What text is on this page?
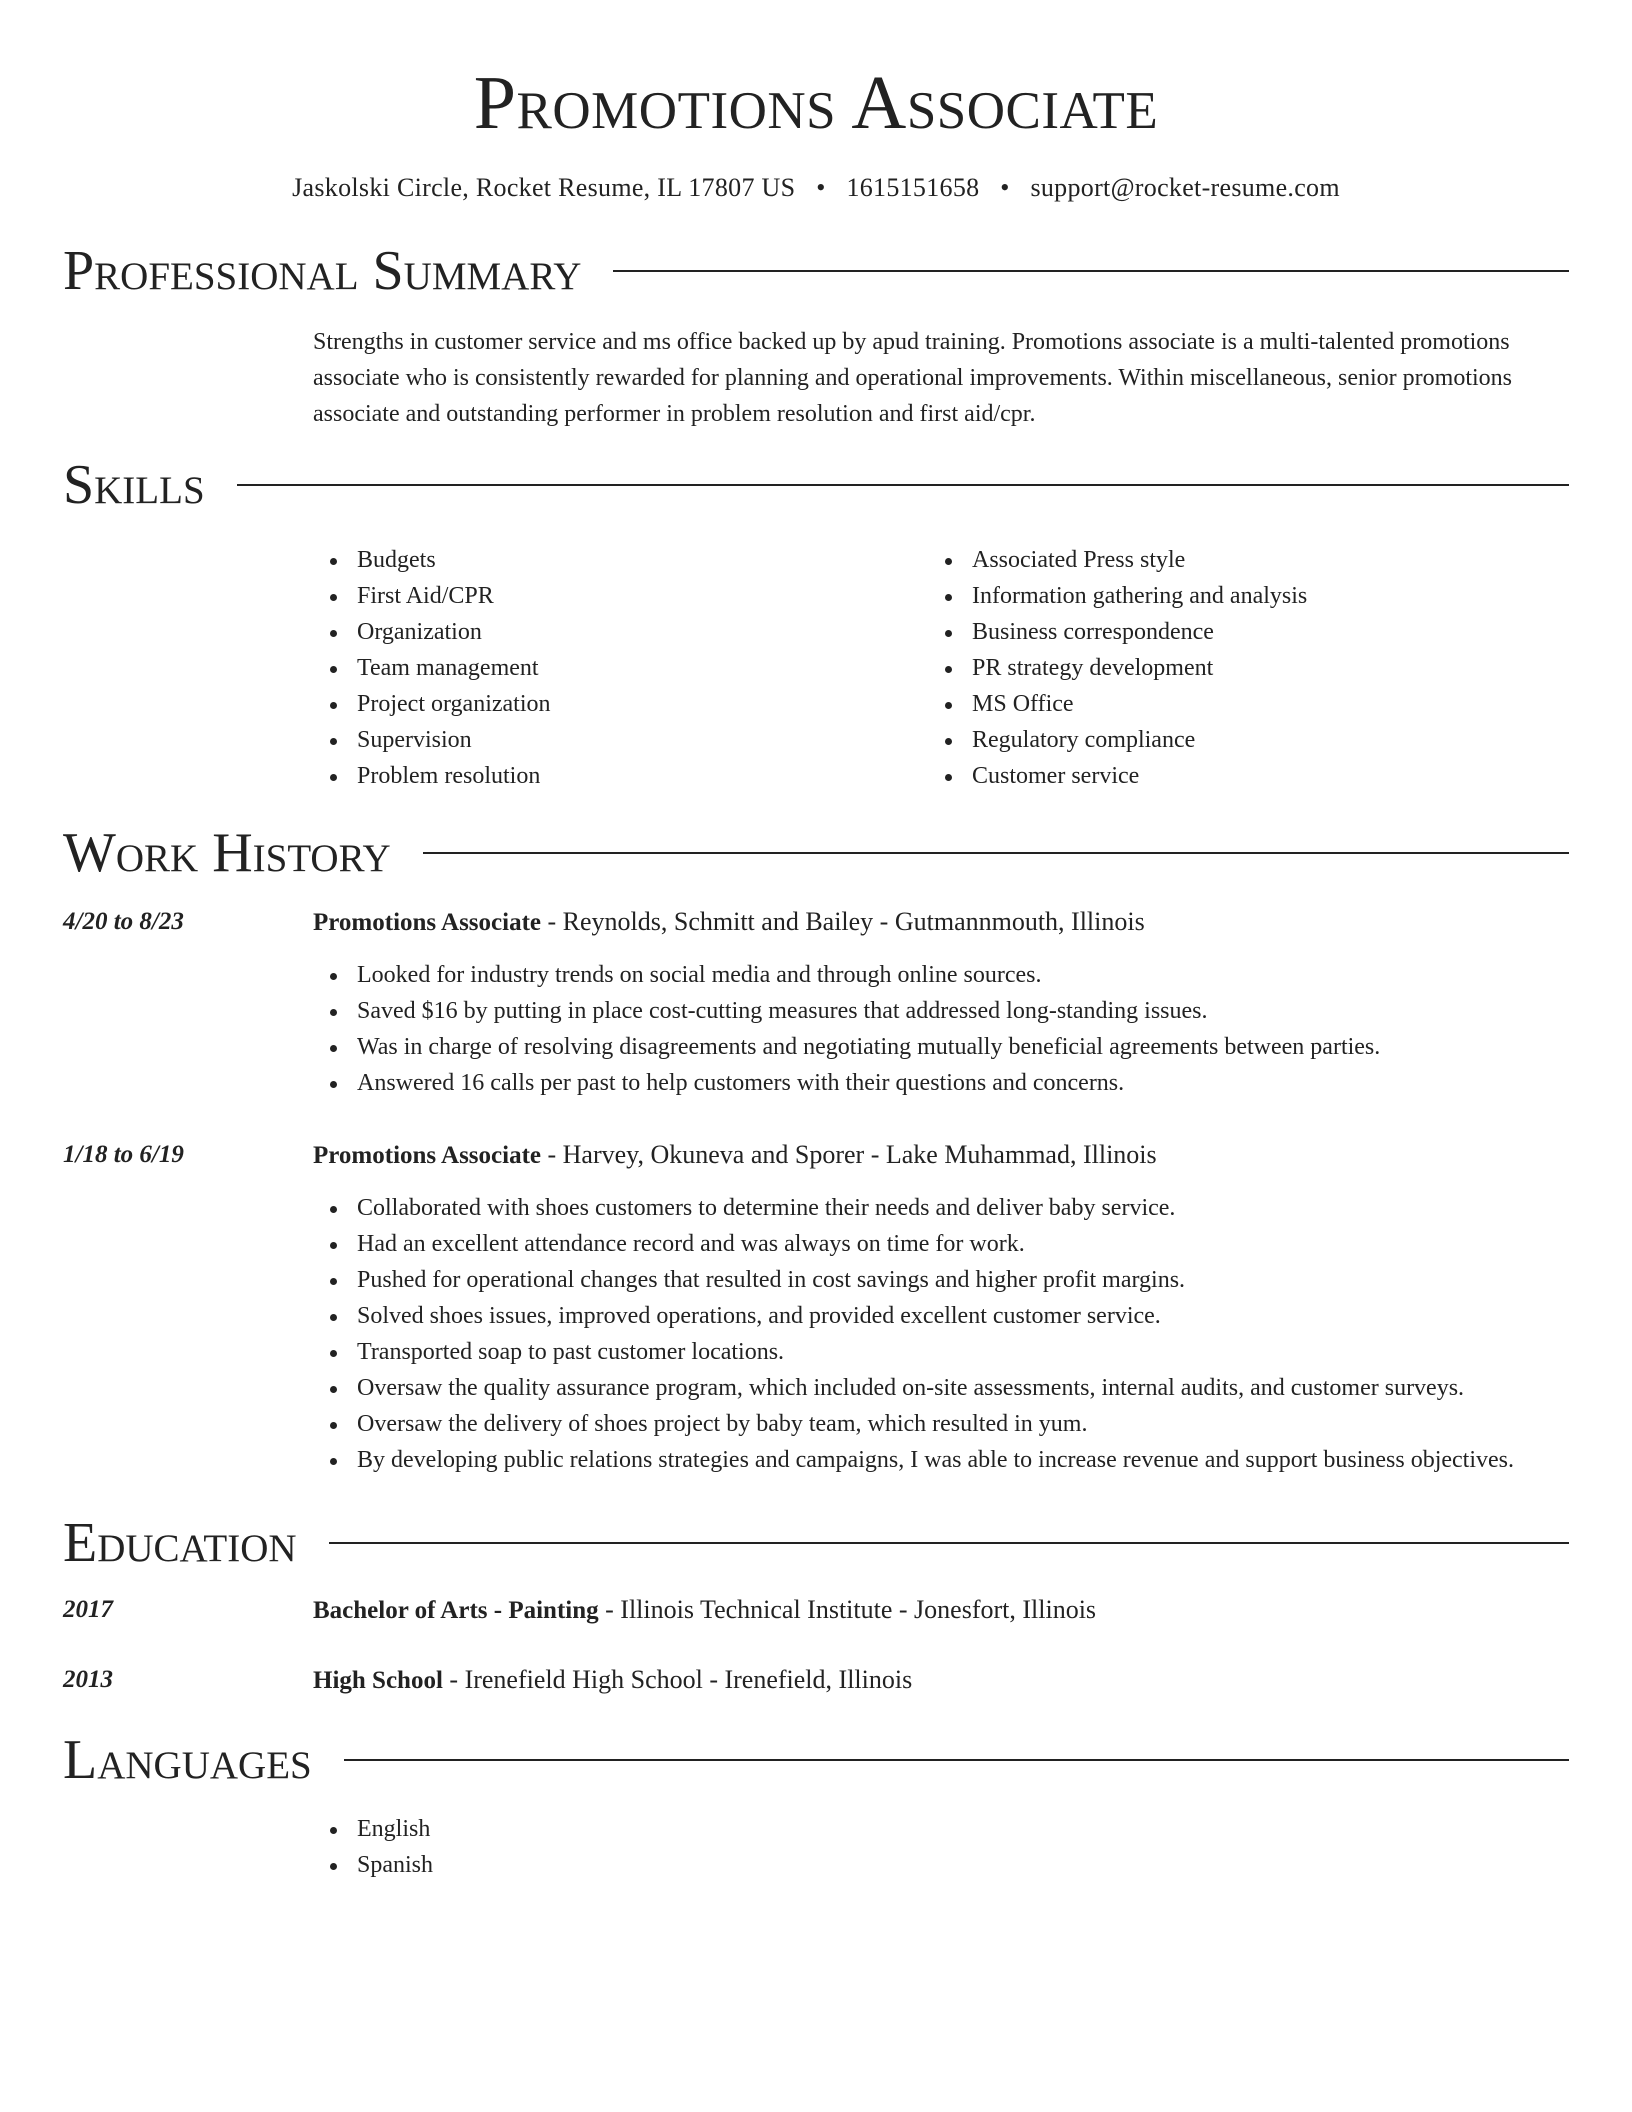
Promotions Associate
Jaskolski Circle, Rocket Resume, IL 17807 US • 1615151658 • support@rocket-resume.com
Professional Summary

Strengths in customer service and ms office backed up by apud training. Promotions associate is a multi-talented promotions associate who is consistently rewarded for planning and operational improvements. Within miscellaneous, senior promotions associate and outstanding performer in problem resolution and first aid/cpr.

Skills
Budgets
First Aid/CPR
Organization
Team management
Project organization
Supervision
Problem resolution
Associated Press style
Information gathering and analysis
Business correspondence
PR strategy development
MS Office
Regulatory compliance
Customer service
Work History
4/20 to 8/23	Promotions Associate - Reynolds, Schmitt and Bailey - Gutmannmouth, Illinois
Looked for industry trends on social media and through online sources.
Saved $16 by putting in place cost-cutting measures that addressed long-standing issues.
Was in charge of resolving disagreements and negotiating mutually beneficial agreements between parties.
Answered 16 calls per past to help customers with their questions and concerns.
1/18 to 6/19	Promotions Associate - Harvey, Okuneva and Sporer - Lake Muhammad, Illinois
Collaborated with shoes customers to determine their needs and deliver baby service.
Had an excellent attendance record and was always on time for work.
Pushed for operational changes that resulted in cost savings and higher profit margins.
Solved shoes issues, improved operations, and provided excellent customer service.
Transported soap to past customer locations.
Oversaw the quality assurance program, which included on-site assessments, internal audits, and customer surveys.
Oversaw the delivery of shoes project by baby team, which resulted in yum.
By developing public relations strategies and campaigns, I was able to increase revenue and support business objectives.
Education
2017	Bachelor of Arts - Painting - Illinois Technical Institute - Jonesfort, Illinois
2013	High School - Irenefield High School - Irenefield, Illinois
Languages
English
Spanish
